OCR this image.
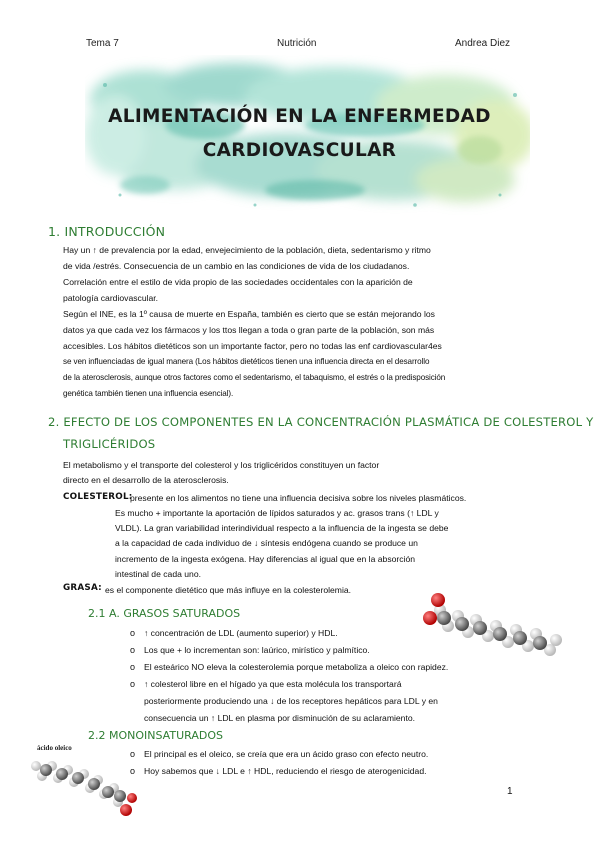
Tema 7	Nutrición	Andrea Diez
ALIMENTACIÓN EN LA ENFERMEDAD
CARDIOVASCULAR
1. INTRODUCCIÓN
Hay un ↑ de prevalencia por la edad, envejecimiento de la población, dieta, sedentarismo y ritmo
de vida /estrés. Consecuencia de un cambio en las condiciones de vida de los ciudadanos.
Correlación entre el estilo de vida propio de las sociedades occidentales con la aparición de
patología cardiovascular.
Según el INE, es la 1º causa de muerte en España, también es cierto que se están mejorando los
datos ya que cada vez los fármacos y los ttos llegan a toda o gran parte de la población, son más
accesibles. Los hábitos dietéticos son un importante factor, pero no todas las enf cardiovascular4es
se ven influenciadas de igual manera (Los hábitos dietéticos tienen una influencia directa en el desarrollo
de la aterosclerosis, aunque otros factores como el sedentarismo, el tabaquismo, el estrés o la predisposición
genética también tienen una influencia esencial).
2. EFECTO DE LOS COMPONENTES EN LA CONCENTRACIÓN PLASMÁTICA DE COLESTEROL Y
TRIGLICÉRIDOS
El metabolismo y el transporte del colesterol y los triglicéridos constituyen un factor
directo en el desarrollo de la aterosclerosis.
COLESTEROL:
presente en los alimentos no tiene una influencia decisiva sobre los niveles plasmáticos.
Es mucho + importante la aportación de lípidos saturados y ac. grasos trans (↑ LDL y
VLDL). La gran variabilidad interindividual respecto a la influencia de la ingesta se debe
a la capacidad de cada individuo de ↓ síntesis endógena cuando se produce un
incremento de la ingesta exógena. Hay diferencias al igual que en la absorción
intestinal de cada uno.
GRASA: es el componente dietético que más influye en la colesterolemia.
2.1 A. GRASOS SATURADOS
o ↑ concentración de LDL (aumento superior) y HDL.
o Los que + lo incrementan son: laúrico, mirístico y palmítico.
o El esteárico NO eleva la colesterolemia porque metaboliza a oleico con rapidez.
o ↑ colesterol libre en el hígado ya que esta molécula los transportará
posteriormente produciendo una ↓ de los receptores hepáticos para LDL y en
consecuencia un ↑ LDL en plasma por disminución de su aclaramiento.
2.2 MONOINSATURADOS
ácido oleico
o El principal es el oleico, se creía que era un ácido graso con efecto neutro.
o Hoy sabemos que ↓ LDL e ↑ HDL, reduciendo el riesgo de aterogenicidad.
1
